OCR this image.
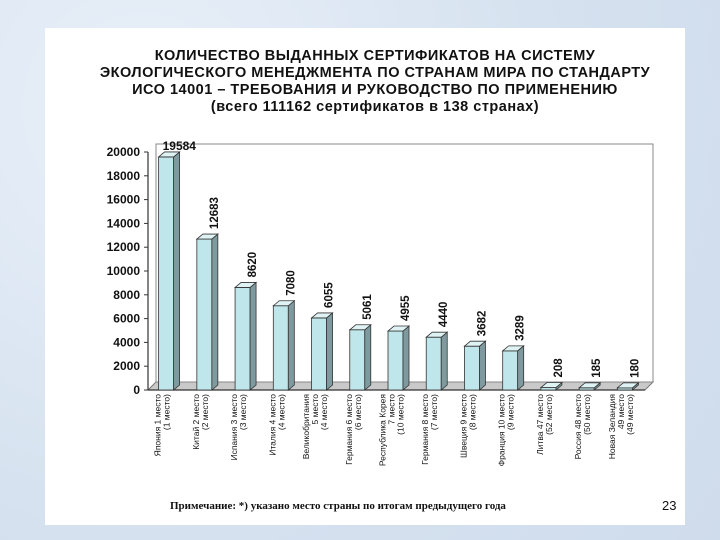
КОЛИЧЕСТВО ВЫДАННЫХ СЕРТИФИКАТОВ НА СИСТЕМУ
ЭКОЛОГИЧЕСКОГО МЕНЕДЖМЕНТА ПО СТРАНАМ МИРА ПО СТАНДАРТУ
ИСО 14001 – ТРЕБОВАНИЯ И РУКОВОДСТВО ПО ПРИМЕНЕНИЮ
(всего 111162 сертификатов в 138 странах)
0
2000
4000
6000
8000
10000
12000
14000
16000
18000
20000 19584
Япония 1 место (1 место)
12683
Китай 2 место (2 место)
8620
Испания 3 место (3 место)
7080
Италия 4 место (4 место)
6055
Великобритания 5 место (4 место)
5061
Германия 6 место (6 место)
4955
Республика Корея 7 место (10 место)
4440
Германия 8 место (7 место)
3682
Швеция 9 место (8 место)
3289
Франция 10 место (9 место)
208
Литва 47 место (52 место)
185
Россия 48 место (50 место)
180
Новая Зеландия 49 место (49 место)
Примечание: *) указано место страны по итогам предыдущего года	23
